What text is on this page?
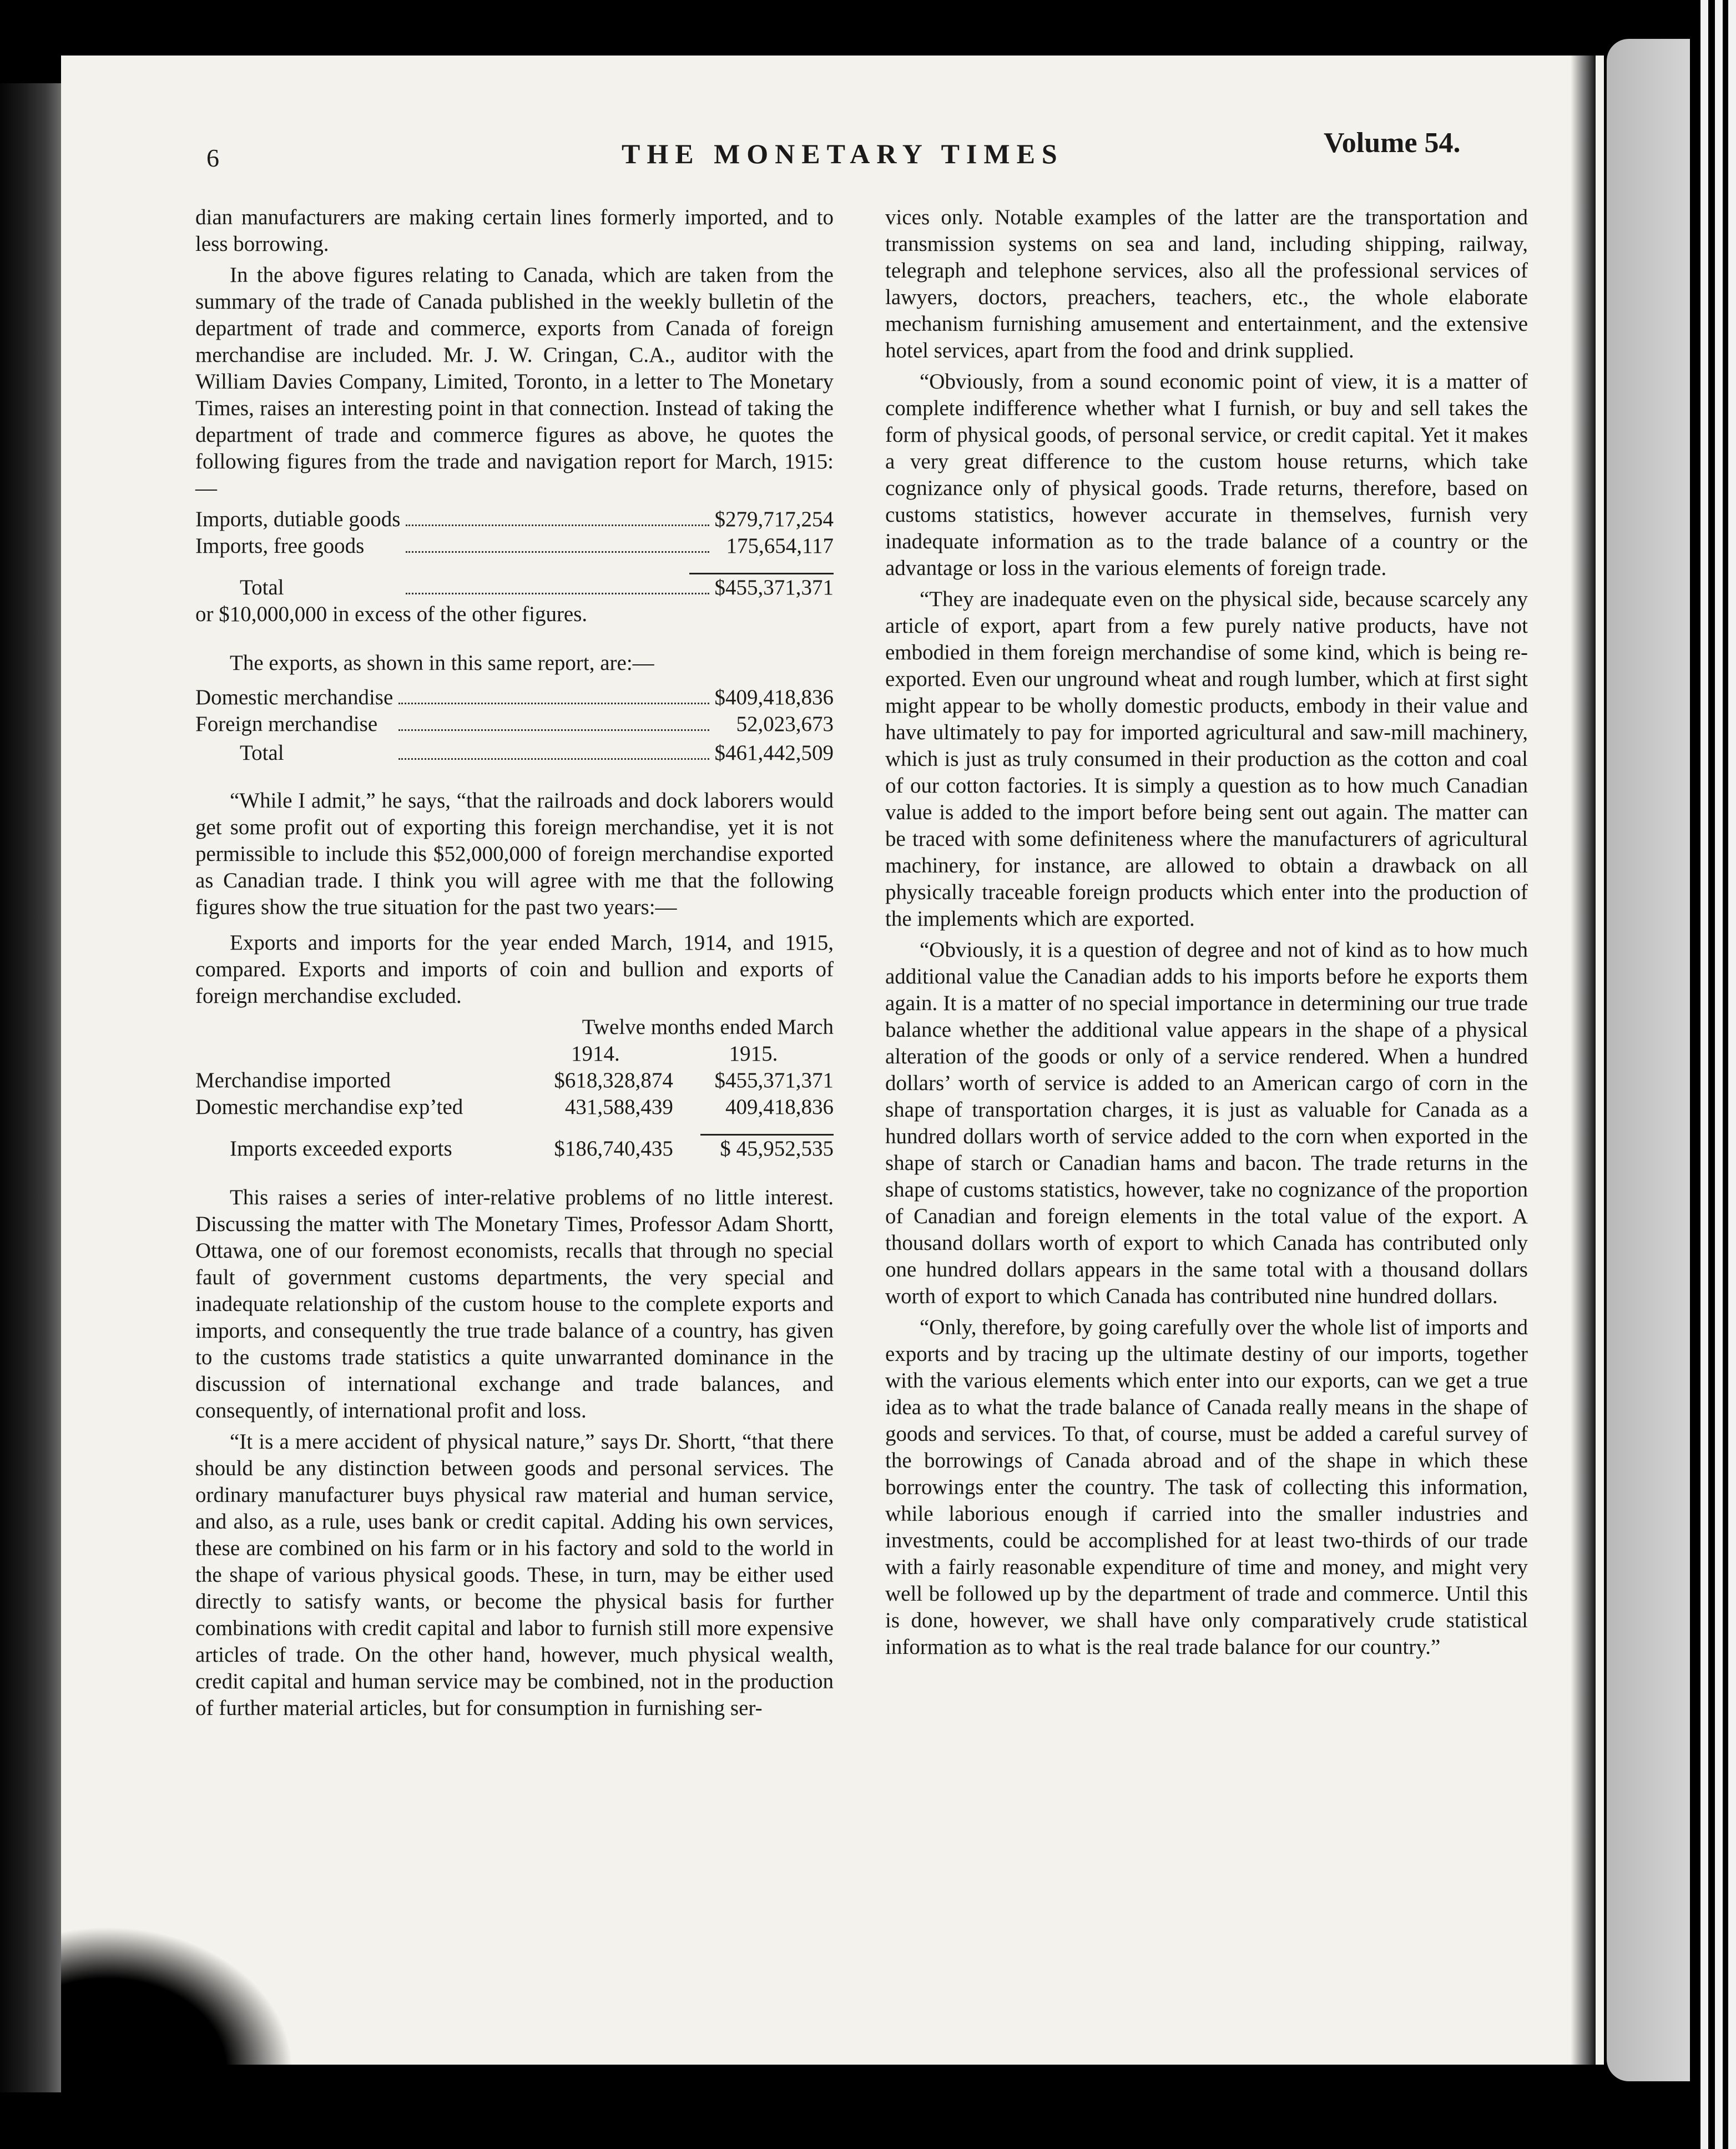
6	THE MONETARY TIMES	Volume 54.

dian manufacturers are making certain lines formerly imported, and to less borrowing.

In the above figures relating to Canada, which are taken from the summary of the trade of Canada published in the weekly bulletin of the department of trade and commerce, exports from Canada of foreign merchandise are included. Mr. J. W. Cringan, C.A., auditor with the William Davies Company, Limited, Toronto, in a letter to The Monetary Times, raises an interesting point in that connection. Instead of taking the department of trade and commerce figures as above, he quotes the following figures from the trade and navigation report for March, 1915:—

Imports, dutiable goods		$279,717,254
Imports, free goods		175,654,117

Total		$455,371,371

or $10,000,000 in excess of the other figures.

The exports, as shown in this same report, are:—

Domestic merchandise		$409,418,836
Foreign merchandise		52,023,673

Total		$461,442,509

“While I admit,” he says, “that the railroads and dock laborers would get some profit out of exporting this foreign merchandise, yet it is not permissible to include this $52,000,000 of foreign merchandise exported as Canadian trade. I think you will agree with me that the following figures show the true situation for the past two years:—

Exports and imports for the year ended March, 1914, and 1915, compared. Exports and imports of coin and bullion and exports of foreign merchandise excluded.

	Twelve months ended March	
	1914.	1915.
Merchandise imported	$618,328,874	$455,371,371
Domestic merchandise exp’ted	431,588,439	409,418,836

Imports exceeded exports	$186,740,435	$ 45,952,535

This raises a series of inter-relative problems of no little interest. Discussing the matter with The Monetary Times, Professor Adam Shortt, Ottawa, one of our foremost economists, recalls that through no special fault of government customs departments, the very special and inadequate relationship of the custom house to the complete exports and imports, and consequently the true trade balance of a country, has given to the customs trade statistics a quite unwarranted dominance in the discussion of international exchange and trade balances, and consequently, of international profit and loss.

“It is a mere accident of physical nature,” says Dr. Shortt, “that there should be any distinction between goods and personal services. The ordinary manufacturer buys physical raw material and human service, and also, as a rule, uses bank or credit capital. Adding his own services, these are combined on his farm or in his factory and sold to the world in the shape of various physical goods. These, in turn, may be either used directly to satisfy wants, or become the physical basis for further combinations with credit capital and labor to furnish still more expensive articles of trade. On the other hand, however, much physical wealth, credit capital and human service may be combined, not in the production of further material articles, but for consumption in furnishing ser-

vices only. Notable examples of the latter are the transportation and transmission systems on sea and land, including shipping, railway, telegraph and telephone services, also all the professional services of lawyers, doctors, preachers, teachers, etc., the whole elaborate mechanism furnishing amusement and entertainment, and the extensive hotel services, apart from the food and drink supplied.

“Obviously, from a sound economic point of view, it is a matter of complete indifference whether what I furnish, or buy and sell takes the form of physical goods, of personal service, or credit capital. Yet it makes a very great difference to the custom house returns, which take cognizance only of physical goods. Trade returns, therefore, based on customs statistics, however accurate in themselves, furnish very inadequate information as to the trade balance of a country or the advantage or loss in the various elements of foreign trade.

“They are inadequate even on the physical side, because scarcely any article of export, apart from a few purely native products, have not embodied in them foreign merchandise of some kind, which is being re-exported. Even our unground wheat and rough lumber, which at first sight might appear to be wholly domestic products, embody in their value and have ultimately to pay for imported agricultural and saw-mill machinery, which is just as truly consumed in their production as the cotton and coal of our cotton factories. It is simply a question as to how much Canadian value is added to the import before being sent out again. The matter can be traced with some definiteness where the manufacturers of agricultural machinery, for instance, are allowed to obtain a drawback on all physically traceable foreign products which enter into the production of the implements which are exported.

“Obviously, it is a question of degree and not of kind as to how much additional value the Canadian adds to his imports before he exports them again. It is a matter of no special importance in determining our true trade balance whether the additional value appears in the shape of a physical alteration of the goods or only of a service rendered. When a hundred dollars’ worth of service is added to an American cargo of corn in the shape of transportation charges, it is just as valuable for Canada as a hundred dollars worth of service added to the corn when exported in the shape of starch or Canadian hams and bacon. The trade returns in the shape of customs statistics, however, take no cognizance of the proportion of Canadian and foreign elements in the total value of the export. A thousand dollars worth of export to which Canada has contributed only one hundred dollars appears in the same total with a thousand dollars worth of export to which Canada has contributed nine hundred dollars.

“Only, therefore, by going carefully over the whole list of imports and exports and by tracing up the ultimate destiny of our imports, together with the various elements which enter into our exports, can we get a true idea as to what the trade balance of Canada really means in the shape of goods and services. To that, of course, must be added a careful survey of the borrowings of Canada abroad and of the shape in which these borrowings enter the country. The task of collecting this information, while laborious enough if carried into the smaller industries and investments, could be accomplished for at least two-thirds of our trade with a fairly reasonable expenditure of time and money, and might very well be followed up by the department of trade and commerce. Until this is done, however, we shall have only comparatively crude statistical information as to what is the real trade balance for our country.”
